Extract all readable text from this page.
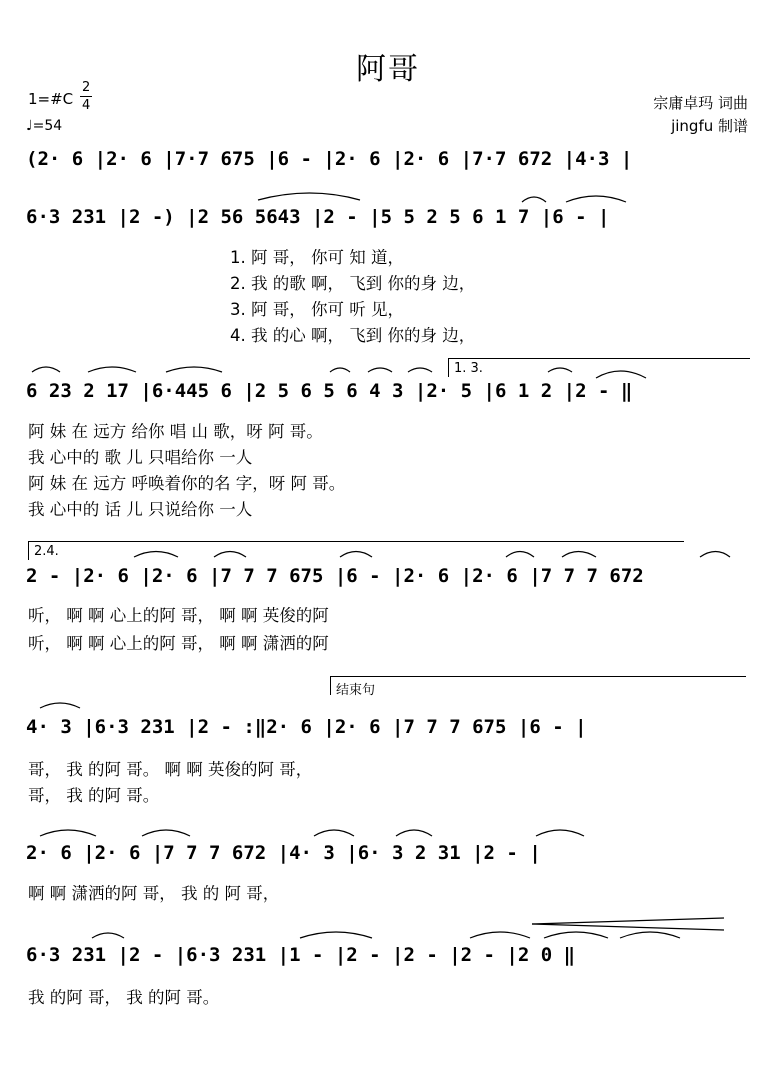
阿哥
1=#C
2
4
♩=54
宗庸卓玛 词曲
jingfu 制谱
(2· 6 |2· 6 |7·7 675 |6 - |2· 6 |2· 6 |7·7 672 |4·3 |
6·3 231 |2 -) |2 56 5643 |2 - |5 5 2 5 6 1 7 |6 - |
1. 阿 哥， 你可 知 道，
2. 我 的歌 啊， 飞到 你的身 边，
3. 阿 哥， 你可 听 见，
4. 我 的心 啊， 飞到 你的身 边，
1. 3.
6 23 2 17 |6·445 6 |2 5 6 5 6 4 3 |2· 5 |6 1 2 |2 - ‖
阿 妹 在 远方 给你 唱 山 歌，呀 阿 哥。
我 心中的 歌 儿 只唱给你 一人
阿 妹 在 远方 呼唤着你的名 字，呀 阿 哥。
我 心中的 话 儿 只说给你 一人
2.4.
2 - |2· 6 |2· 6 |7 7 7 675 |6 - |2· 6 |2· 6 |7 7 7 672
听， 啊 啊 心上的阿 哥， 啊 啊 英俊的阿
听， 啊 啊 心上的阿 哥， 啊 啊 潇洒的阿
结束句
4· 3 |6·3 231 |2 - :‖2· 6 |2· 6 |7 7 7 675 |6 - |
哥， 我 的阿 哥。 啊 啊 英俊的阿 哥，
哥， 我 的阿 哥。
2· 6 |2· 6 |7 7 7 672 |4· 3 |6· 3 2 31 |2 - |
啊 啊 潇洒的阿 哥， 我 的 阿 哥，
6·3 231 |2 - |6·3 231 |1 - |2 - |2 - |2 - |2 0 ‖
我 的阿 哥， 我 的阿 哥。
